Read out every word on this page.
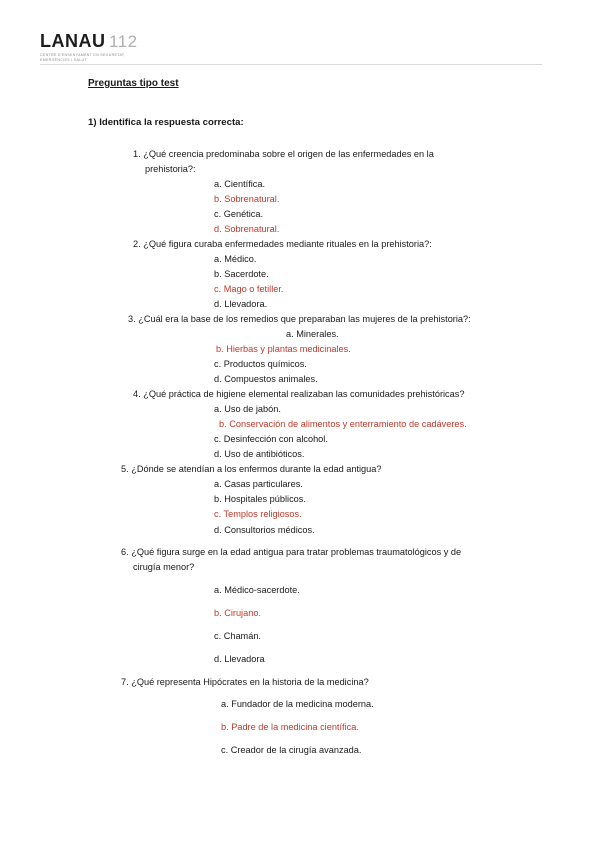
LANAU 112
CENTRE D'ENSENYAMENT EN SEGURETAT,
EMERGÈNCIES I SALUT
Preguntas tipo test
1) Identifica la respuesta correcta:
1. ¿Qué creencia predominaba sobre el origen de las enfermedades en la
prehistoria?:
a. Científica.
b. Sobrenatural.
c. Genética.
d. Sobrenatural.
2. ¿Qué figura curaba enfermedades mediante rituales en la prehistoria?:
a. Médico.
b. Sacerdote.
c. Mago o fetiller.
d. Llevadora.
3. ¿Cuál era la base de los remedios que preparaban las mujeres de la prehistoria?:
a. Minerales.
b. Hierbas y plantas medicinales.
c. Productos químicos.
d. Compuestos animales.
4. ¿Qué práctica de higiene elemental realizaban las comunidades prehistóricas?
a. Uso de jabón.
b. Conservación de alimentos y enterramiento de cadáveres.
c. Desinfección con alcohol.
d. Uso de antibióticos.
5. ¿Dónde se atendían a los enfermos durante la edad antigua?
a. Casas particulares.
b. Hospitales públicos.
c. Templos religiosos.
d. Consultorios médicos.
6. ¿Qué figura surge en la edad antigua para tratar problemas traumatológicos y de
cirugía menor?
a. Médico-sacerdote.
b. Cirujano.
c. Chamán.
d. Llevadora
7. ¿Qué representa Hipócrates en la historia de la medicina?
a. Fundador de la medicina moderna.
b. Padre de la medicina científica.
c. Creador de la cirugía avanzada.
